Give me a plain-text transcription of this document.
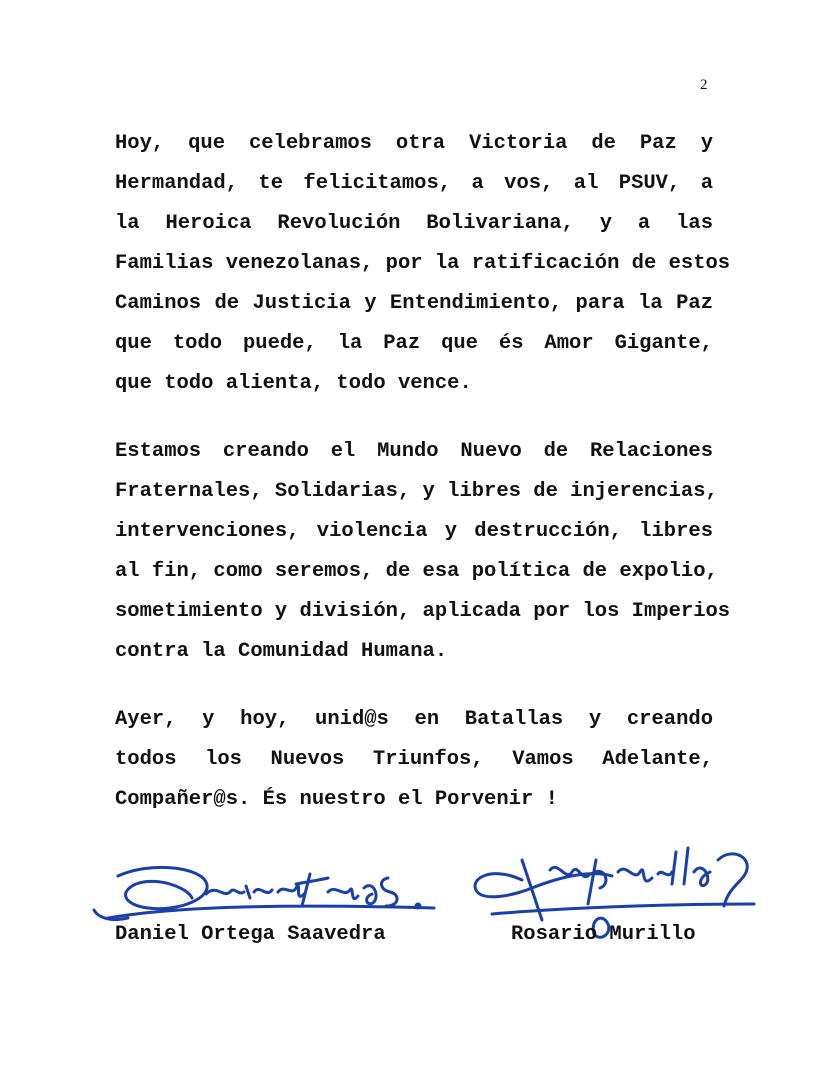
2
Hoy, que celebramos otra Victoria de Paz y
Hermandad, te felicitamos, a vos, al PSUV, a
la Heroica Revolución Bolivariana, y a las
Familias venezolanas, por la ratificación de estos
Caminos de Justicia y Entendimiento, para la Paz
que todo puede, la Paz que és Amor Gigante,
que todo alienta, todo vence.
Estamos creando el Mundo Nuevo de Relaciones
Fraternales, Solidarias, y libres de injerencias,
intervenciones, violencia y destrucción, libres
al fin, como seremos, de esa política de expolio,
sometimiento y división, aplicada por los Imperios
contra la Comunidad Humana.
Ayer, y hoy, unid@s en Batallas y creando
todos los Nuevos Triunfos, Vamos Adelante,
Compañer@s. És nuestro el Porvenir !
Daniel Ortega Saavedra	Rosario Murillo
